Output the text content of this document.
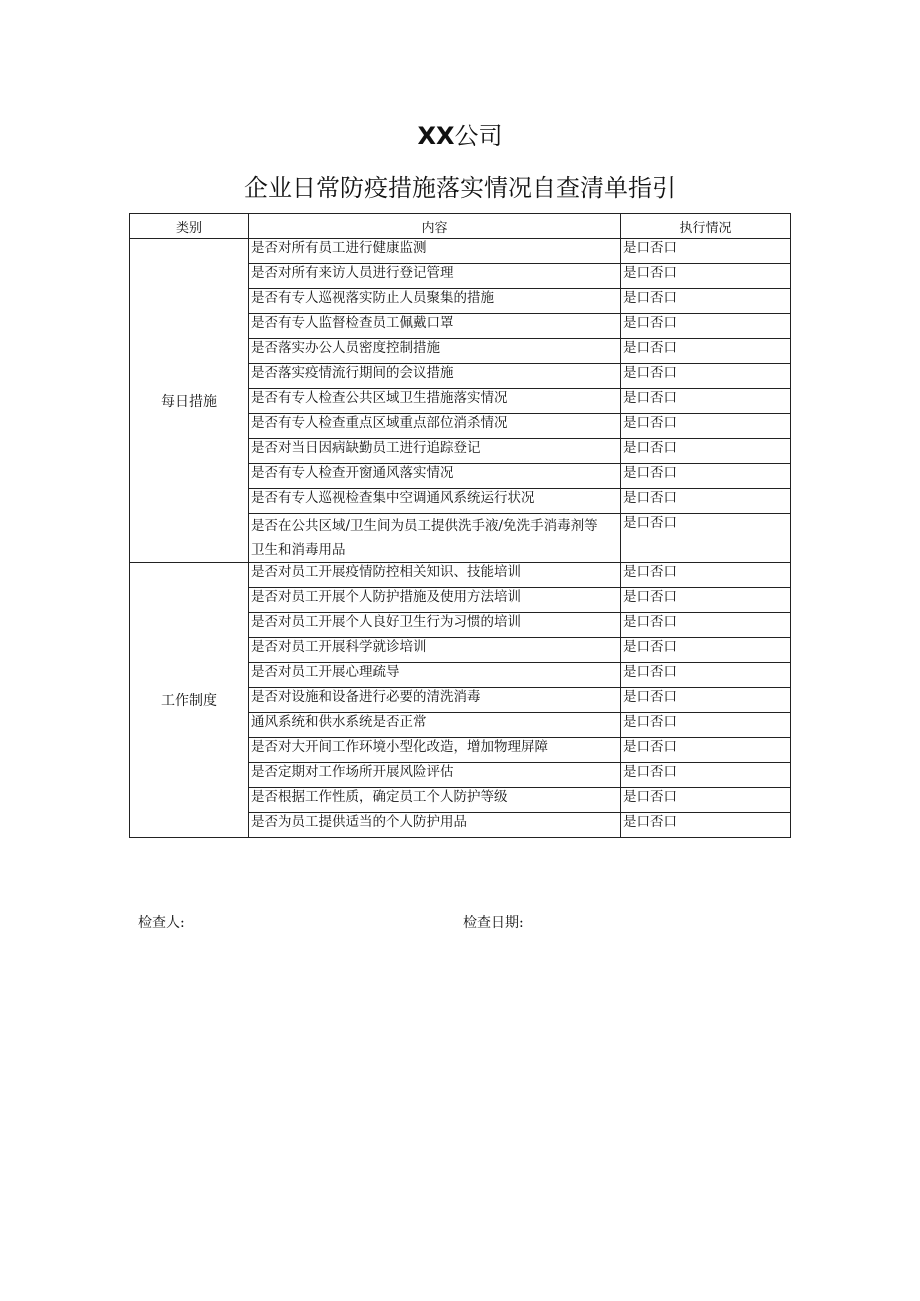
XX公司
企业日常防疫措施落实情况自查清单指引
类别	内容	执行情况
每日措施	是否对所有员工进行健康监测	是口否口
	是否对所有来访人员进行登记管理	是口否口
	是否有专人巡视落实防止人员聚集的措施	是口否口
	是否有专人监督检查员工佩戴口罩	是口否口
	是否落实办公人员密度控制措施	是口否口
	是否落实疫情流行期间的会议措施	是口否口
	是否有专人检查公共区域卫生措施落实情况	是口否口
	是否有专人检查重点区域重点部位消杀情况	是口否口
	是否对当日因病缺勤员工进行追踪登记	是口否口
	是否有专人检查开窗通风落实情况	是口否口
	是否有专人巡视检查集中空调通风系统运行状况	是口否口
	是否在公共区域/卫生间为员工提供洗手液/免洗手消毒剂等卫生和消毒用品	是口否口
工作制度	是否对员工开展疫情防控相关知识、技能培训	是口否口
	是否对员工开展个人防护措施及使用方法培训	是口否口
	是否对员工开展个人良好卫生行为习惯的培训	是口否口
	是否对员工开展科学就诊培训	是口否口
	是否对员工开展心理疏导	是口否口
	是否对设施和设备进行必要的清洗消毒	是口否口
	通风系统和供水系统是否正常	是口否口
	是否对大开间工作环境小型化改造，增加物理屏障	是口否口
	是否定期对工作场所开展风险评估	是口否口
	是否根据工作性质，确定员工个人防护等级	是口否口
	是否为员工提供适当的个人防护用品	是口否口
检查人:	检查日期:
